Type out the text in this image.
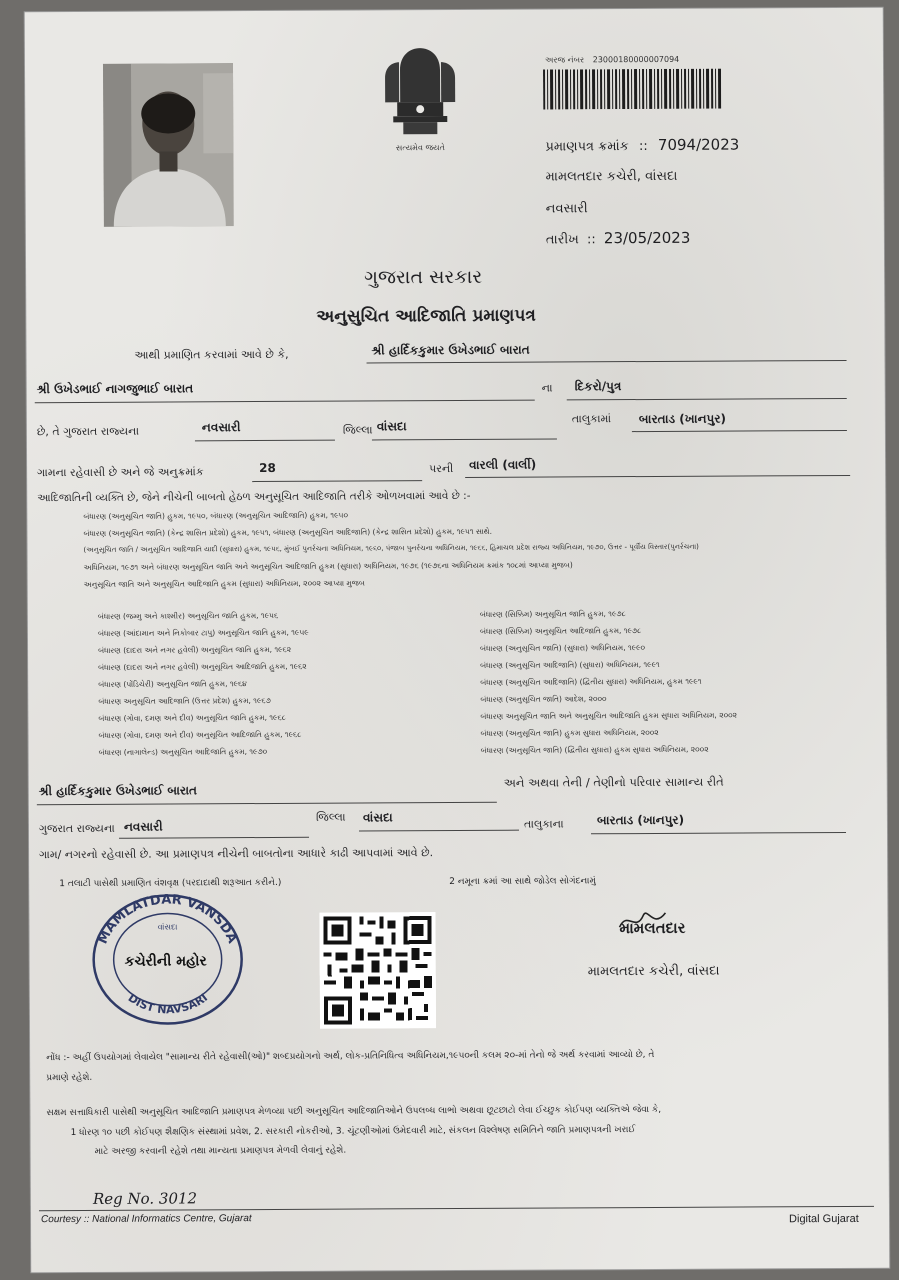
સત્યમેવ જયતે
અરજ નંબર 23000180000007094
પ્રમાણપત્ર ક્રમાંક :: 7094/2023
મામલતદાર કચેરી, વાંસદા
નવસારી
તારીખ :: 23/05/2023
ગુજરાત સરકાર
અનુસુચિત આદિજાતિ પ્રમાણપત્ર
આથી પ્રમાણિત કરવામાં આવે છે કે,	શ્રી હાર્દિકકુમાર ઉખેડભાઈ બારાત
શ્રી ઉખેડભાઈ નાગજુભાઈ બારાત	ના દિકરો/પુત્ર
છે, તે ગુજરાત રાજ્યના	નવસારી	જિલ્લા વાંસદા
તાલુકામાં બારતાડ (ખાનપુર)
ગામના રહેવાસી છે અને જે અનુક્રમાંક	28	પરની વારલી (વાર્લી)
આદિજાતિની વ્યક્તિ છે, જેને નીચેની બાબતો હેઠળ અનુસૂચિત આદિજાતિ તરીકે ઓળખવામાં આવે છે :-
બંધારણ (અનુસૂચિત જાતિ) હુકમ, ૧૯૫૦, બંધારણ (અનુસૂચિત આદિજાતિ) હુકમ, ૧૯૫૦
બંધારણ (અનુસૂચિત જાતિ) (કેન્દ્ર શાસિત પ્રદેશો) હુકમ, ૧૯૫૧, બંધારણ (અનુસૂચિત આદિજાતિ) (કેન્દ્ર શાસિત પ્રદેશો) હુકમ, ૧૯૫૧ સાથે.
(અનુસૂચિત જાતિ / અનુસૂચિત આદિજાતિ યાદી (સુધારા) હુકમ, ૧૯૫૬, મુંબઈ પુનર્રચના અધિનિયમ, ૧૯૬૦, પંજાબ પુનર્રચના અધિનિયમ, ૧૯૬૬, હિમાચલ પ્રદેશ રાજ્ય અધિનિયમ, ૧૯૭૦, ઉત્તર - પૂર્વીય વિસ્તાર(પુનર્રચના)
અધિનિયમ, ૧૯૭૧ અને બંધારણ અનુસૂચિત જાતિ અને અનુસૂચિત આદિજાતિ હુકમ (સુધારા) અધિનિયમ, ૧૯૭૬ (૧૯૭૬ના અધિનિયમ ક્રમાંક ૧૦૮માં આપ્યા મુજબ)
અનુસૂચિત જાતિ અને અનુસૂચિત આદિજાતિ હુકમ (સુધારા) અધિનિયમ, ૨૦૦૨ આપ્યા મુજબ
બંધારણ (જમ્મુ અને કાશ્મીર) અનુસૂચિત જાતિ હુકમ, ૧૯૫૬
બંધારણ (આંદામાન અને નિકોબાર ટાપુ) અનુસૂચિત જાતિ હુકમ, ૧૯૫૯
બંધારણ (દાદરા અને નગર હવેલી) અનુસૂચિત જાતિ હુકમ, ૧૯૬૨
બંધારણ (દાદરા અને નગર હવેલી) અનુસૂચિત આદિજાતિ હુકમ, ૧૯૬૨
બંધારણ (પોંડિચેરી) અનુસૂચિત જાતિ હુકમ, ૧૯૬૪
બંધારણ અનુસૂચિત આદિજાતિ (ઉત્તર પ્રદેશ) હુકમ, ૧૯૬૭
બંધારણ (ગોવા, દમણ અને દીવ) અનુસૂચિત જાતિ હુકમ, ૧૯૬૮
બંધારણ (ગોવા, દમણ અને દીવ) અનુસૂચિત આદિજાતિ હુકમ, ૧૯૬૮
બંધારણ (નાગાલેન્ડ) અનુસૂચિત આદિજાતિ હુકમ, ૧૯૭૦
બંધારણ (સિક્કિમ) અનુસૂચિત જાતિ હુકમ, ૧૯૭૮
બંધારણ (સિક્કિમ) અનુસૂચિત આદિજાતિ હુકમ, ૧૯૭૮
બંધારણ (અનુસૂચિત જાતિ) (સુધારા) અધિનિયમ, ૧૯૯૦
બંધારણ (અનુસૂચિત આદિજાતિ) (સુધારા) અધિનિયમ, ૧૯૯૧
બંધારણ (અનુસૂચિત આદિજાતિ) (દ્વિતીય સુધારા) અધિનિયમ, હુકમ ૧૯૯૧
બંધારણ (અનુસૂચિત જાતિ) આદેશ, ૨૦૦૦
બંધારણ અનુસૂચિત જાતિ અને અનુસૂચિત આદિજાતિ હુકમ સુધારા અધિનિયમ, ૨૦૦૨
બંધારણ (અનુસૂચિત જાતિ) હુકમ સુધારા અધિનિયમ, ૨૦૦૨
બંધારણ (અનુસૂચિત જાતિ) (દ્વિતીય સુધારા) હુકમ સુધારા અધિનિયમ, ૨૦૦૨
શ્રી હાર્દિકકુમાર ઉખેડભાઈ બારાત
અને અથવા તેની / તેણીનો પરિવાર સામાન્ય રીતે
ગુજરાત રાજ્યના નવસારી
જિલ્લા વાંસદા	તાલુકાના	બારતાડ (ખાનપુર)
ગામ/ નગરનો રહેવાસી છે. આ પ્રમાણપત્ર નીચેની બાબતોના આધારે કાઢી આપવામાં આવે છે.
1 તલાટી પાસેથી પ્રમાણિત વંશવૃક્ષ (પરદાદાથી શરૂઆત કરીને.)	2 નમૂના ક્રમાં આ સાથે જોડેલ સોગંદનામું
MAMLATDAR VANSDA
DIST NAVSARI
વાંસદા
કચેરીની મહોર
મામલતદાર
મામલતદાર કચેરી, વાંસદા
નોંધ :- અહીં ઉપયોગમાં લેવાયેલ "સામાન્ય રીતે રહેવાસી(ઓ)" શબ્દપ્રયોગનો અર્થ, લોક-પ્રતિનિધિત્વ અધિનિયમ,૧૯૫૦ની કલમ ૨૦-માં તેનો જે અર્થ કરવામાં આવ્યો છે, તે
પ્રમાણે રહેશે.
સક્ષમ સત્તાધિકારી પાસેથી અનુસૂચિત આદિજાતિ પ્રમાણપત્ર મેળવ્યા પછી અનુસૂચિત આદિજાતિઓને ઉપલબ્ધ લાભો અથવા છૂટછાટો લેવા ઈચ્છુક કોઈપણ વ્યક્તિએ જેવા કે,
1 ધોરણ ૧૦ પછી કોઈપણ શૈક્ષણિક સંસ્થામાં પ્રવેશ, 2. સરકારી નોકરીઓ, 3. ચૂંટણીઓમાં ઉમેદવારી માટે, સંકલન વિશ્લેષણ સમિતિને જાતિ પ્રમાણપત્રની ખરાઈ
માટે અરજી કરવાની રહેશે તથા માન્યતા પ્રમાણપત્ર મેળવી લેવાનું રહેશે.
Reg No. 3012
Courtesy :: National Informatics Centre, Gujarat	Digital Gujarat
